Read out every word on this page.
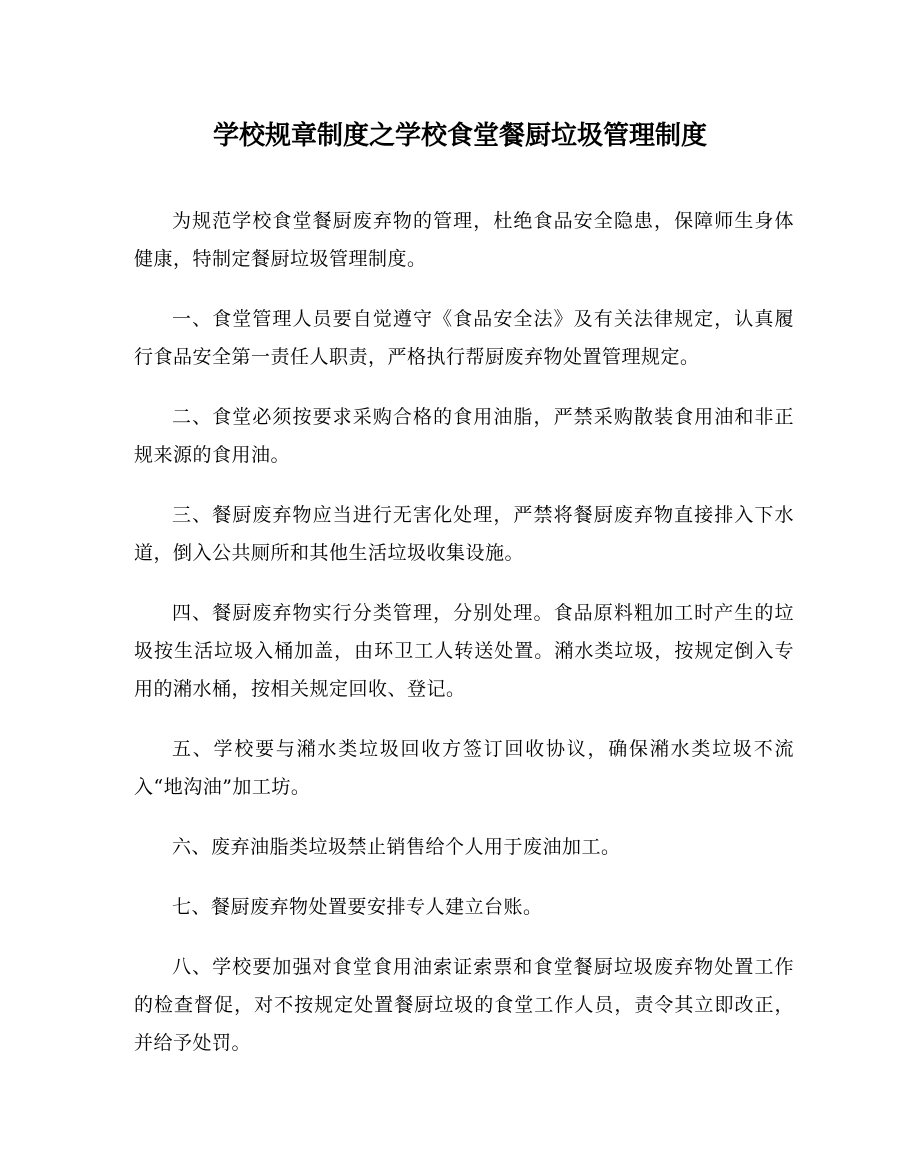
学校规章制度之学校食堂餐厨垃圾管理制度

为规范学校食堂餐厨废弃物的管理，杜绝食品安全隐患，保障师生身体健康，特制定餐厨垃圾管理制度。

一、食堂管理人员要自觉遵守《食品安全法》及有关法律规定，认真履行食品安全第一责任人职责，严格执行帮厨废弃物处置管理规定。

二、食堂必须按要求采购合格的食用油脂，严禁采购散装食用油和非正规来源的食用油。

三、餐厨废弃物应当进行无害化处理，严禁将餐厨废弃物直接排入下水道，倒入公共厕所和其他生活垃圾收集设施。

四、餐厨废弃物实行分类管理，分别处理。食品原料粗加工时产生的垃圾按生活垃圾入桶加盖，由环卫工人转送处置。潲水类垃圾，按规定倒入专用的潲水桶，按相关规定回收、登记。

五、学校要与潲水类垃圾回收方签订回收协议，确保潲水类垃圾不流入“地沟油”加工坊。

六、废弃油脂类垃圾禁止销售给个人用于废油加工。

七、餐厨废弃物处置要安排专人建立台账。

八、学校要加强对食堂食用油索证索票和食堂餐厨垃圾废弃物处置工作的检查督促，对不按规定处置餐厨垃圾的食堂工作人员，责令其立即改正，并给予处罚。
